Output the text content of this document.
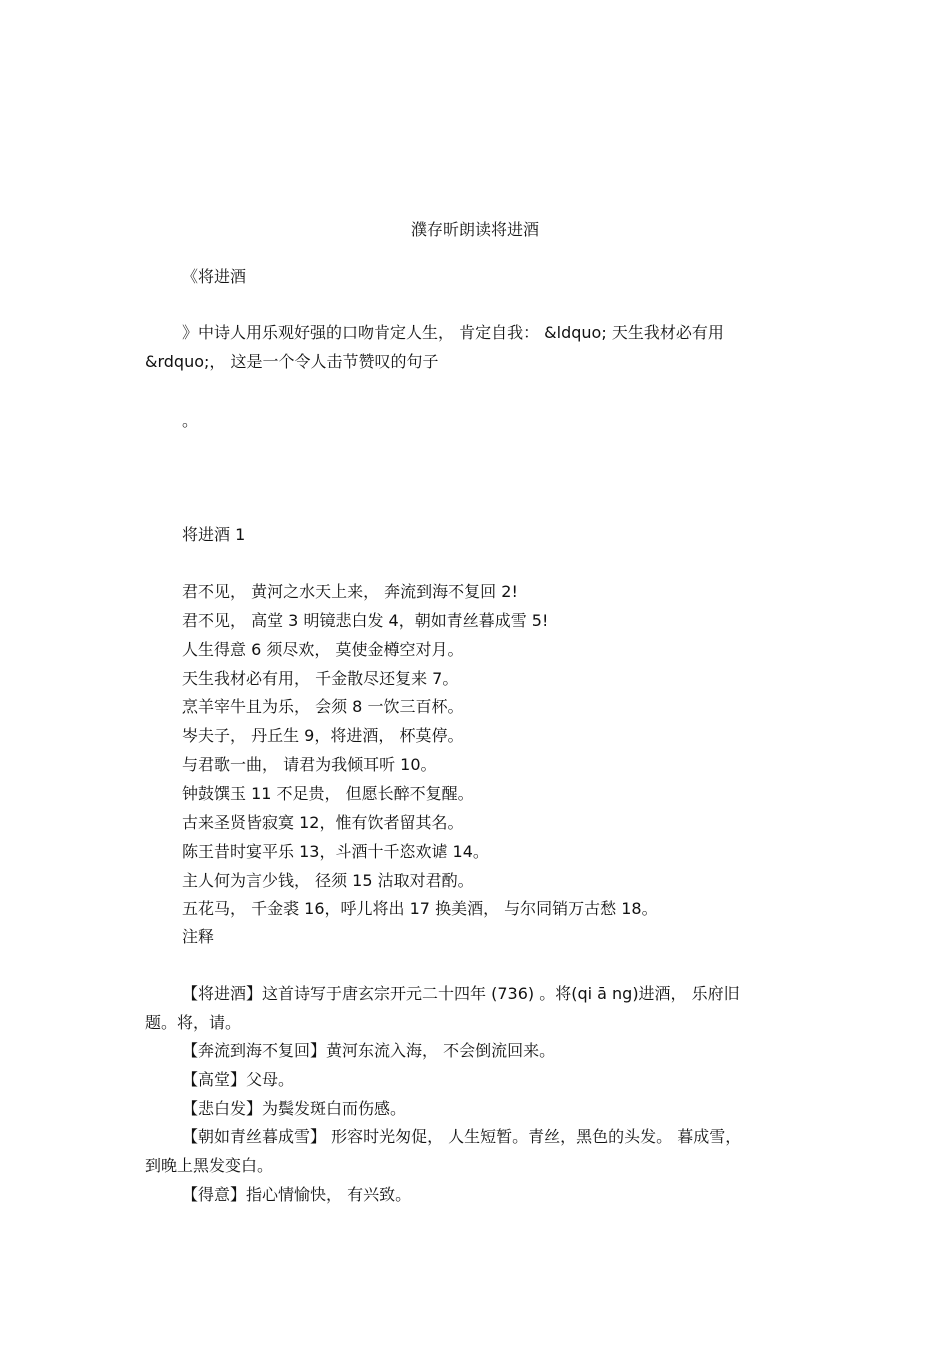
濮存昕朗读将进酒
《将进酒
》中诗人用乐观好强的口吻肯定人生， 肯定自我： &ldquo; 天生我材必有用
&rdquo;， 这是一个令人击节赞叹的句子
。
将进酒 1
君不见， 黄河之水天上来， 奔流到海不复回 2!
君不见， 高堂 3 明镜悲白发 4，朝如青丝暮成雪 5!
人生得意 6 须尽欢， 莫使金樽空对月。
天生我材必有用， 千金散尽还复来 7。
烹羊宰牛且为乐， 会须 8 一饮三百杯。
岑夫子， 丹丘生 9，将进酒， 杯莫停。
与君歌一曲， 请君为我倾耳听 10。
钟鼓馔玉 11 不足贵， 但愿长醉不复醒。
古来圣贤皆寂寞 12，惟有饮者留其名。
陈王昔时宴平乐 13，斗酒十千恣欢谑 14。
主人何为言少钱， 径须 15 沽取对君酌。
五花马， 千金裘 16，呼儿将出 17 换美酒， 与尔同销万古愁 18。
注释
【将进酒】这首诗写于唐玄宗开元二十四年 (736) 。将(qi ā ng)进酒， 乐府旧
题。将，请。
【奔流到海不复回】黄河东流入海， 不会倒流回来。
【高堂】父母。
【悲白发】为鬓发斑白而伤感。
【朝如青丝暮成雪】 形容时光匆促， 人生短暂。青丝，黑色的头发。 暮成雪，
到晚上黑发变白。
【得意】指心情愉快， 有兴致。
